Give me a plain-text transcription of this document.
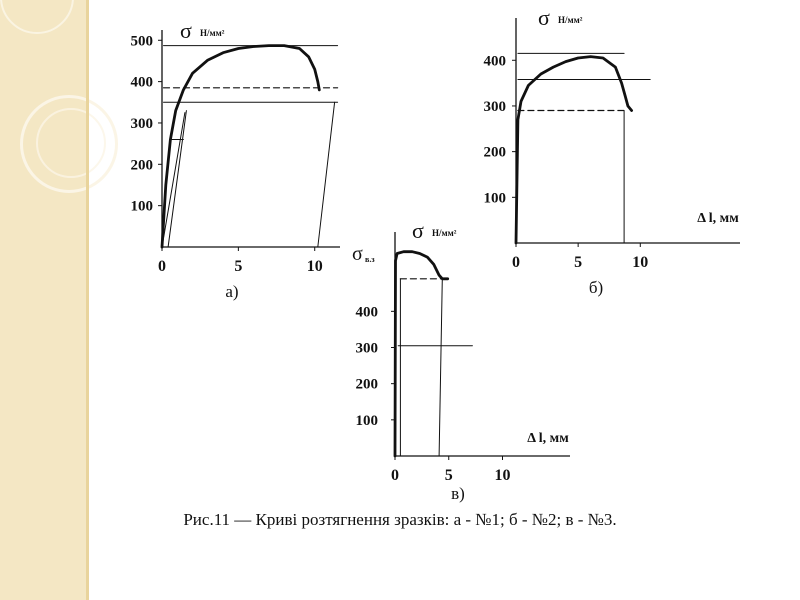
100
200
300
400
500
0	5	10
σ Н/мм²
а)
100
200
300
400
0	5	10
σ Н/мм²
Δ l, мм
б)
100
200
300
400
0	5	10
σ Н/мм²
σ в.з
Δ l, мм
в)
Рис.11 — Криві розтягнення зразків: а - №1; б - №2; в - №3.
